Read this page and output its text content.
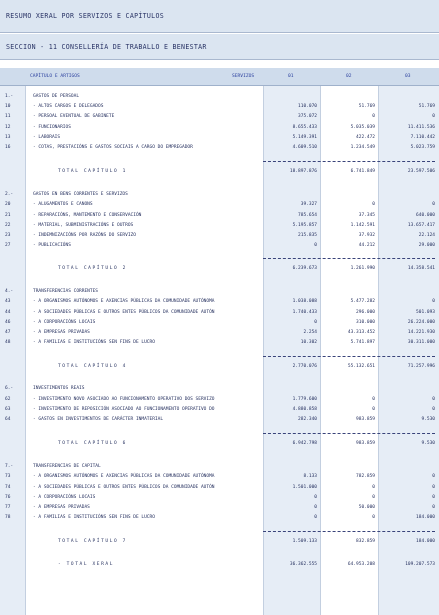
RESUMO XERAL POR SERVIZOS E CAPÍTULOS
SECCION - 11 CONSELLERÍA DE TRABALLO E BENESTAR
CAPÍTULO E ARTIGOS	SERVIZOS	01	02	03
1.-	GASTOS DE PERSOAL
10	- ALTOS CARGOS E DELEGADOS	110.070	51.769	51.769
11	- PERSOAL EVENTUAL DE GABINETE	375.072	0	0
12	- FUNCIONARIOS	8.655.433	5.035.039	11.411.536
13	- LABORAIS	5.149.391	422.472	7.110.442
16	- COTAS, PRESTACIÓNS E GASTOS SOCIAIS A CARGO DO EMPREGADOR	4.609.510	1.234.549	5.023.759
TOTAL CAPÍTULO 1	18.897.876	6.741.849	23.597.506
2.-	GASTOS EN BENS CORRENTES E SERVIZOS
20	- ALUGAMENTOS E CANONS	39.327	0	0
21	- REPARACIÓNS, MANTEMENTO E CONSERVACIÓN	785.654	37.345	640.000
22	- MATERIAL, SUBMINISTRACIÓNS E OUTROS	5.195.857	1.142.591	13.657.417
23	- INDEMNIZACIÓNS POR RAZÓNS DO SERVIZO	215.835	37.932	22.124
27	- PUBLICACIÓNS	0	44.212	29.000
TOTAL CAPÍTULO 2	6.239.673	1.261.990	14.358.541
4.-	TRANSFERENCIAS CORRENTES
43	- A ORGANISMOS AUTÓNOMOS E AXENCIAS PÚBLICAS DA COMUNIDADE AUTÓNOMA	1.038.088	5.477.282	0
44	- A SOCIEDADES PÚBLICAS E OUTROS ENTES PÚBLICOS DA COMUNIDADE AUTÓN	1.740.433	296.000	501.093
46	- A CORPORACIÓNS LOCAIS	0	310.000	26.224.000
47	- A EMPRESAS PRIVADAS	2.254	43.313.452	14.221.930
48	- A FAMILIAS E INSTITUCIÓNS SEN FINS DE LUCRO	10.302	5.741.897	30.311.000
TOTAL CAPÍTULO 4	2.770.076	55.132.651	71.257.996
6.-	INVESTIMENTOS REAIS
62	- INVESTIMENTO NOVO ASOCIADO AO FUNCIONAMENTO OPERATIVO DOS SERVIZO	1.779.600	0	0
63	- INVESTIMENTO DE REPOSICIÓN ASOCIADO AO FUNCIONAMENTO OPERATIVO DO	4.880.858	0	0
64	- GASTOS EN INVESTIMENTOS DE CARÁCTER INMATERIAL	282.340	983.859	9.530
TOTAL CAPÍTULO 6	6.942.798	983.859	9.530
7.-	TRANSFERENCIAS DE CAPITAL
73	- A ORGANISMOS AUTÓNOMOS E AXENCIAS PÚBLICAS DA COMUNIDADE AUTÓNOMA	8.133	782.859	0
74	- A SOCIEDADES PÚBLICAS E OUTROS ENTES PÚBLICOS DA COMUNIDADE AUTÓN	1.501.000	0	0
76	- A CORPORACIÓNS LOCAIS	0	0	0
77	- A EMPRESAS PRIVADAS	0	50.000	0
78	- A FAMILIAS E INSTITUCIÓNS SEN FINS DE LUCRO	0	0	184.000
TOTAL CAPÍTULO 7	1.509.133	832.859	184.000
- TOTAL XERAL	36.362.555	64.953.208	109.207.573
